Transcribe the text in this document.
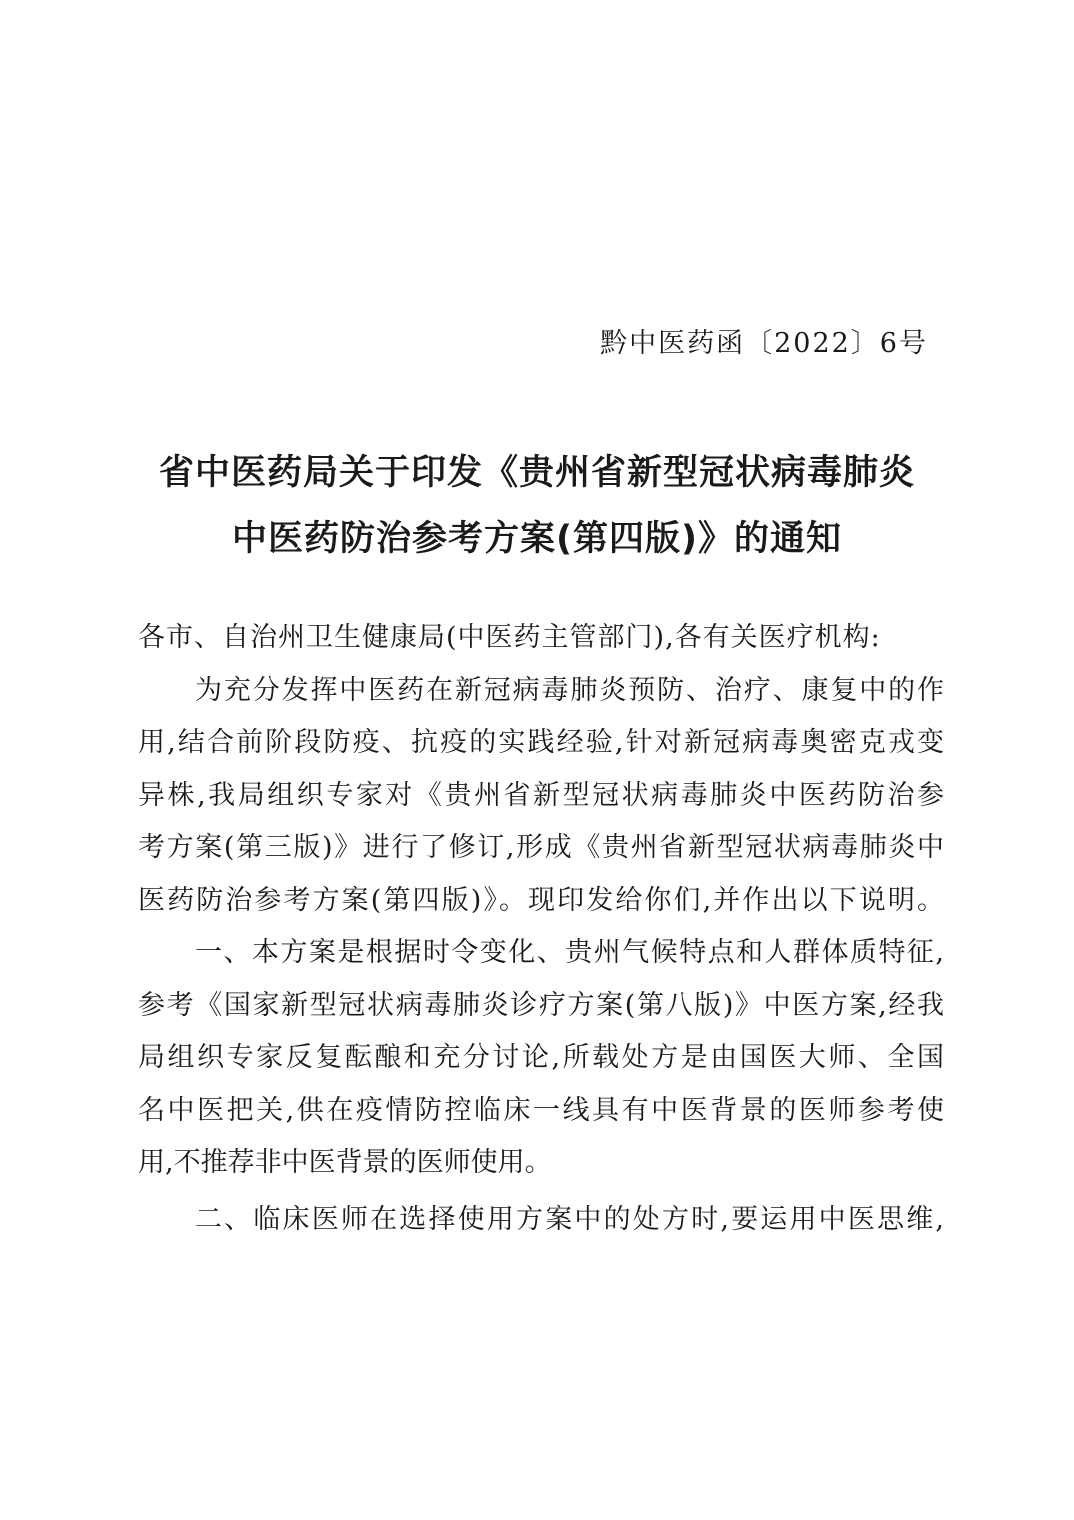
黔中医药函〔2022〕6号
省中医药局关于印发《贵州省新型冠状病毒肺炎
中医药防治参考方案(第四版)》的通知
各市、自治州卫生健康局(中医药主管部门),各有关医疗机构:
为充分发挥中医药在新冠病毒肺炎预防、治疗、康复中的作
用,结合前阶段防疫、抗疫的实践经验,针对新冠病毒奥密克戎变
异株,我局组织专家对《贵州省新型冠状病毒肺炎中医药防治参
考方案(第三版)》进行了修订,形成《贵州省新型冠状病毒肺炎中
医药防治参考方案(第四版)》。现印发给你们,并作出以下说明。
一、本方案是根据时令变化、贵州气候特点和人群体质特征,
参考《国家新型冠状病毒肺炎诊疗方案(第八版)》中医方案,经我
局组织专家反复酝酿和充分讨论,所载处方是由国医大师、全国
名中医把关,供在疫情防控临床一线具有中医背景的医师参考使
用,不推荐非中医背景的医师使用。
二、临床医师在选择使用方案中的处方时,要运用中医思维,
